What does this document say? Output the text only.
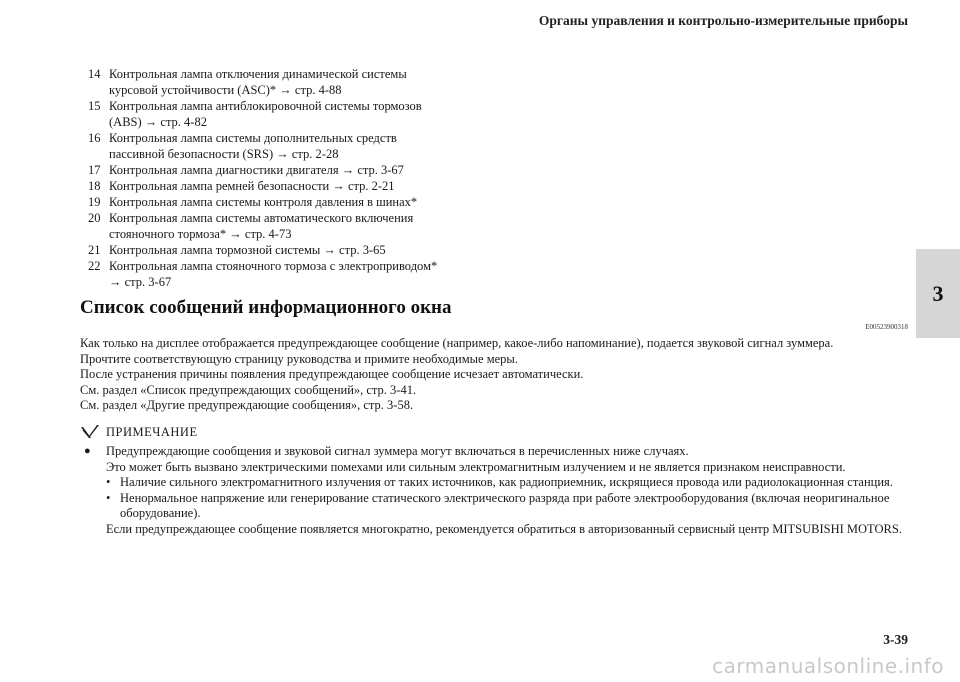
Органы управления и контрольно-измерительные приборы
3
14 Контрольная лампа отключения динамической системы
курсовой устойчивости (ASC)* → стр. 4-88
15 Контрольная лампа антиблокировочной системы тормозов
(ABS) → стр. 4-82
16 Контрольная лампа системы дополнительных средств
пассивной безопасности (SRS) → стр. 2-28
17 Контрольная лампа диагностики двигателя → стр. 3-67
18 Контрольная лампа ремней безопасности → стр. 2-21
19 Контрольная лампа системы контроля давления в шинах*
20 Контрольная лампа системы автоматического включения
стояночного тормоза* → стр. 4-73
21 Контрольная лампа тормозной системы → стр. 3-65
22 Контрольная лампа стояночного тормоза с электроприводом*
→ стр. 3-67
Список сообщений информационного окна
E00523900318
Как только на дисплее отображается предупреждающее сообщение (например, какое-либо напоминание), подается звуковой сигнал зуммера.
Прочтите соответствующую страницу руководства и примите необходимые меры.
После устранения причины появления предупреждающее сообщение исчезает автоматически.
См. раздел «Список предупреждающих сообщений», стр. 3-41.
См. раздел «Другие предупреждающие сообщения», стр. 3-58.
ПРИМЕЧАНИЕ
●	Предупреждающие сообщения и звуковой сигнал зуммера могут включаться в перечисленных ниже случаях.
Это может быть вызвано электрическими помехами или сильным электромагнитным излучением и не является признаком неисправности.
• Наличие сильного электромагнитного излучения от таких источников, как радиоприемник, искрящиеся провода или радиолокационная станция.
• Ненормальное напряжение или генерирование статического электрического разряда при работе электрооборудования (включая неоригинальное оборудование).
Если предупреждающее сообщение появляется многократно, рекомендуется обратиться в авторизованный сервисный центр MITSUBISHI MOTORS.
3-39
carmanualsonline.info
